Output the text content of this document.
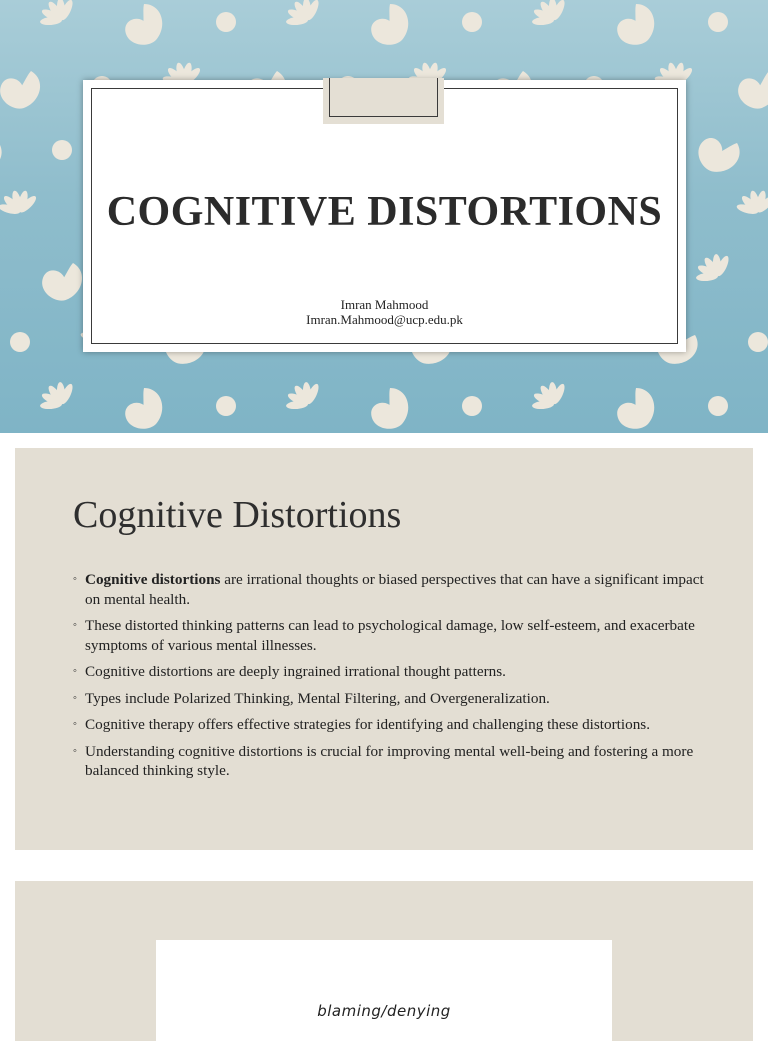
COGNITIVE DISTORTIONS
Imran Mahmood
Imran.Mahmood@ucp.edu.pk
Cognitive Distortions
◦ Cognitive distortions are irrational thoughts or biased perspectives that can have a significant impact on mental health.
◦ These distorted thinking patterns can lead to psychological damage, low self-esteem, and exacerbate symptoms of various mental illnesses.
◦ Cognitive distortions are deeply ingrained irrational thought patterns.
◦ Types include Polarized Thinking, Mental Filtering, and Overgeneralization.
◦ Cognitive therapy offers effective strategies for identifying and challenging these distortions.
◦ Understanding cognitive distortions is crucial for improving mental well-being and fostering a more balanced thinking style.
blaming/denying
